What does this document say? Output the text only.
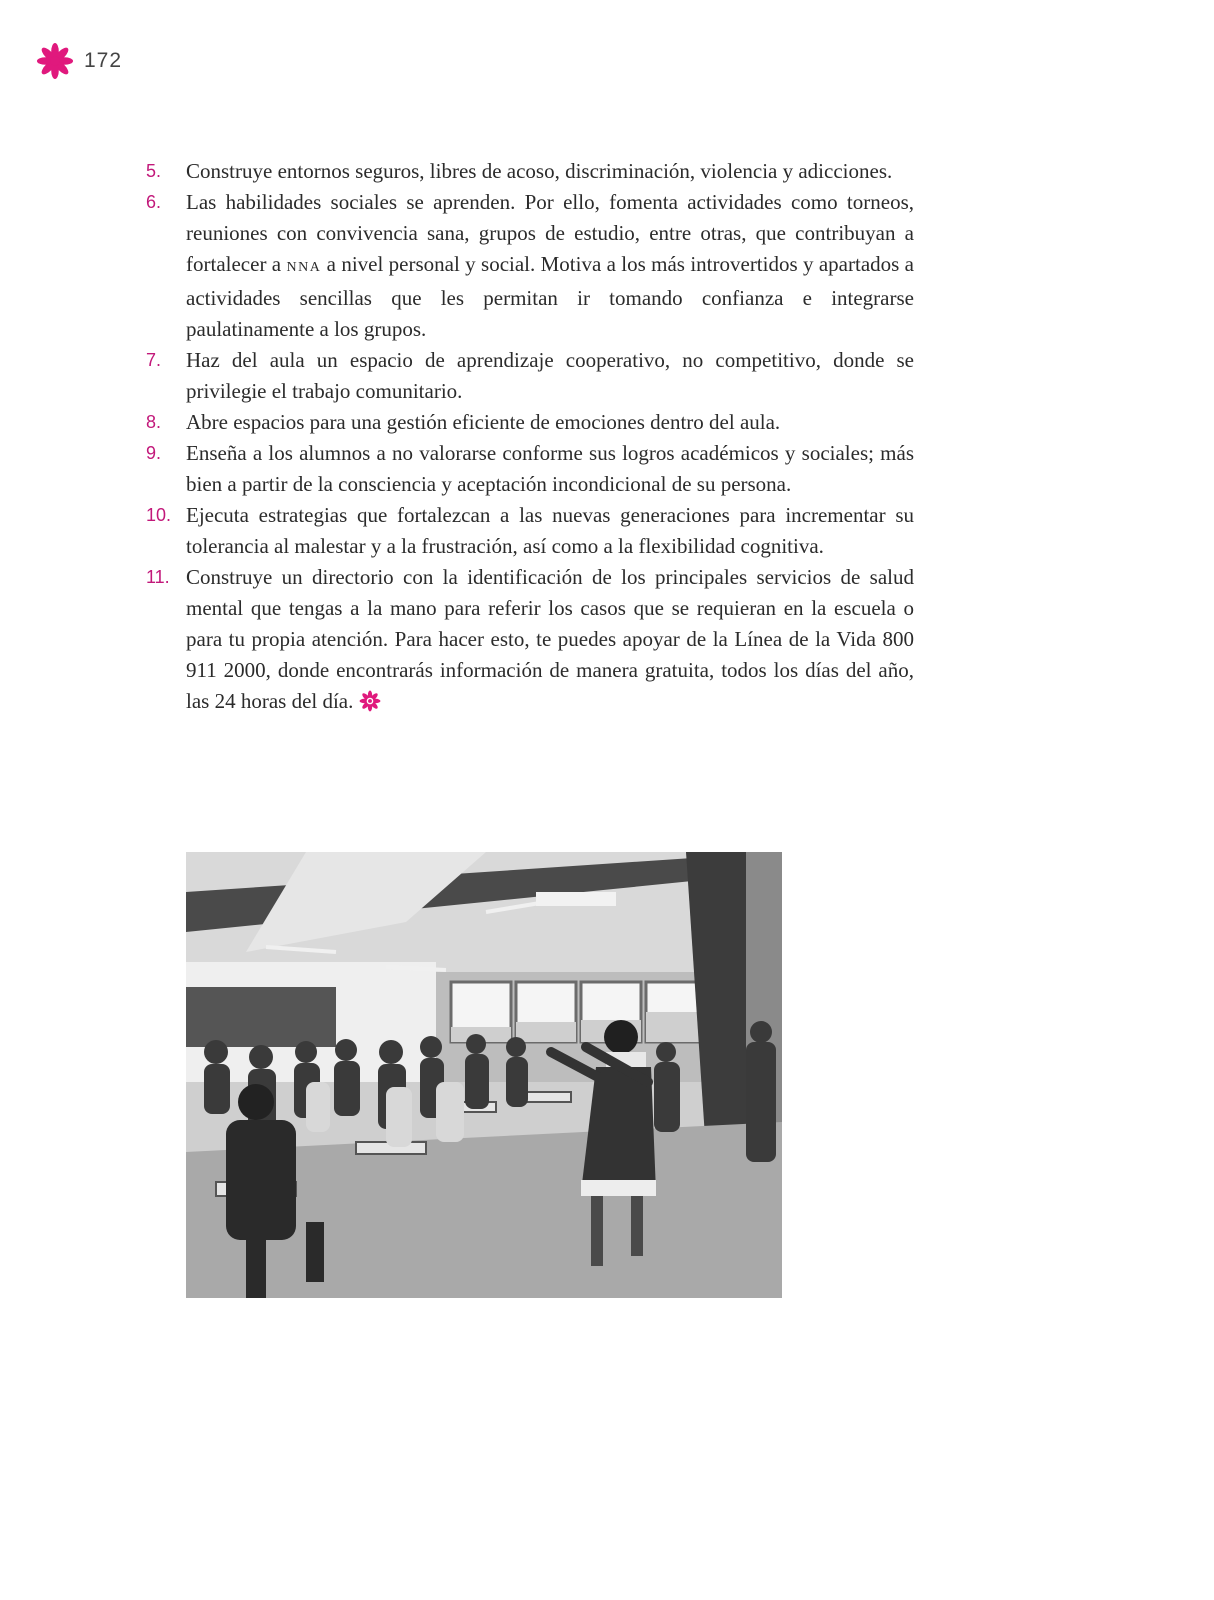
172
5. Construye entornos seguros, libres de acoso, discriminación, violencia y adicciones.
6. Las habilidades sociales se aprenden. Por ello, fomenta actividades como torneos, reuniones con convivencia sana, grupos de estudio, entre otras, que contribuyan a fortalecer a NNA a nivel personal y social. Motiva a los más introvertidos y apartados a actividades sencillas que les permitan ir tomando confianza e integrarse paulatinamente a los grupos.
7. Haz del aula un espacio de aprendizaje cooperativo, no competitivo, donde se privilegie el trabajo comunitario.
8. Abre espacios para una gestión eficiente de emociones dentro del aula.
9. Enseña a los alumnos a no valorarse conforme sus logros académicos y sociales; más bien a partir de la consciencia y aceptación incondicional de su persona.
10. Ejecuta estrategias que fortalezcan a las nuevas generaciones para incrementar su tolerancia al malestar y a la frustración, así como a la flexibilidad cognitiva.
11. Construye un directorio con la identificación de los principales servicios de salud mental que tengas a la mano para referir los casos que se requieran en la escuela o para tu propia atención. Para hacer esto, te puedes apoyar de la Línea de la Vida 800 911 2000, donde encontrarás información de manera gratuita, todos los días del año, las 24 horas del día.
